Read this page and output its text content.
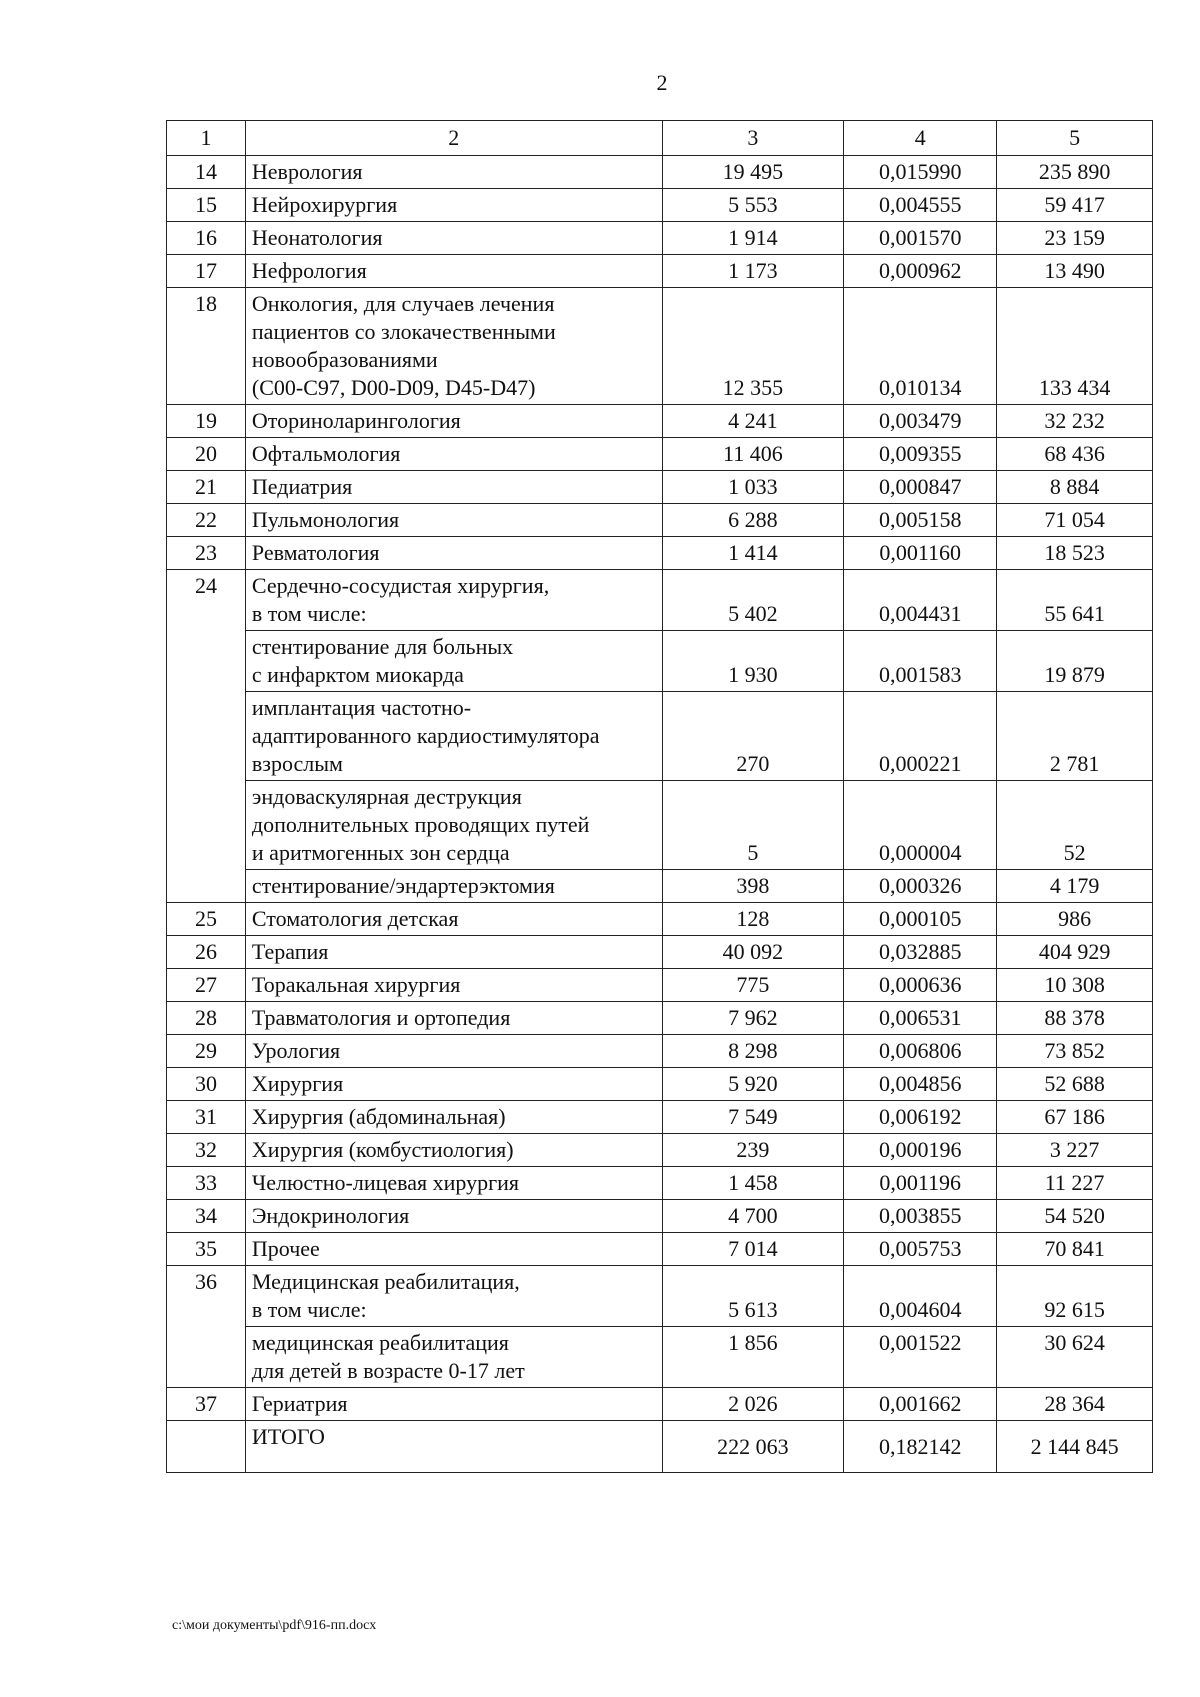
2
1	2	3	4	5
14	Неврология	19 495	0,015990	235 890
15	Нейрохирургия	5 553	0,004555	59 417
16	Неонатология	1 914	0,001570	23 159
17	Нефрология	1 173	0,000962	13 490
18	Онкология, для случаев лечения
пациентов со злокачественными
новообразованиями
(С00-С97, D00-D09, D45-D47)	12 355	0,010134	133 434
19	Оториноларингология	4 241	0,003479	32 232
20	Офтальмология	11 406	0,009355	68 436
21	Педиатрия	1 033	0,000847	8 884
22	Пульмонология	6 288	0,005158	71 054
23	Ревматология	1 414	0,001160	18 523
24	Сердечно-сосудистая хирургия,
в том числе:	5 402	0,004431	55 641
	стентирование для больных
с инфарктом миокарда	1 930	0,001583	19 879
	имплантация частотно-
адаптированного кардиостимулятора
взрослым	270	0,000221	2 781
	эндоваскулярная деструкция
дополнительных проводящих путей
и аритмогенных зон сердца	5	0,000004	52
	стентирование/эндартерэктомия	398	0,000326	4 179
25	Стоматология детская	128	0,000105	986
26	Терапия	40 092	0,032885	404 929
27	Торакальная хирургия	775	0,000636	10 308
28	Травматология и ортопедия	7 962	0,006531	88 378
29	Урология	8 298	0,006806	73 852
30	Хирургия	5 920	0,004856	52 688
31	Хирургия (абдоминальная)	7 549	0,006192	67 186
32	Хирургия (комбустиология)	239	0,000196	3 227
33	Челюстно-лицевая хирургия	1 458	0,001196	11 227
34	Эндокринология	4 700	0,003855	54 520
35	Прочее	7 014	0,005753	70 841
36	Медицинская реабилитация,
в том числе:	5 613	0,004604	92 615
	медицинская реабилитация
для детей в возрасте 0-17 лет	1 856	0,001522	30 624
37	Гериатрия	2 026	0,001662	28 364
	ИТОГО	222 063	0,182142	2 144 845
c:\мои документы\pdf\916-пп.docx
